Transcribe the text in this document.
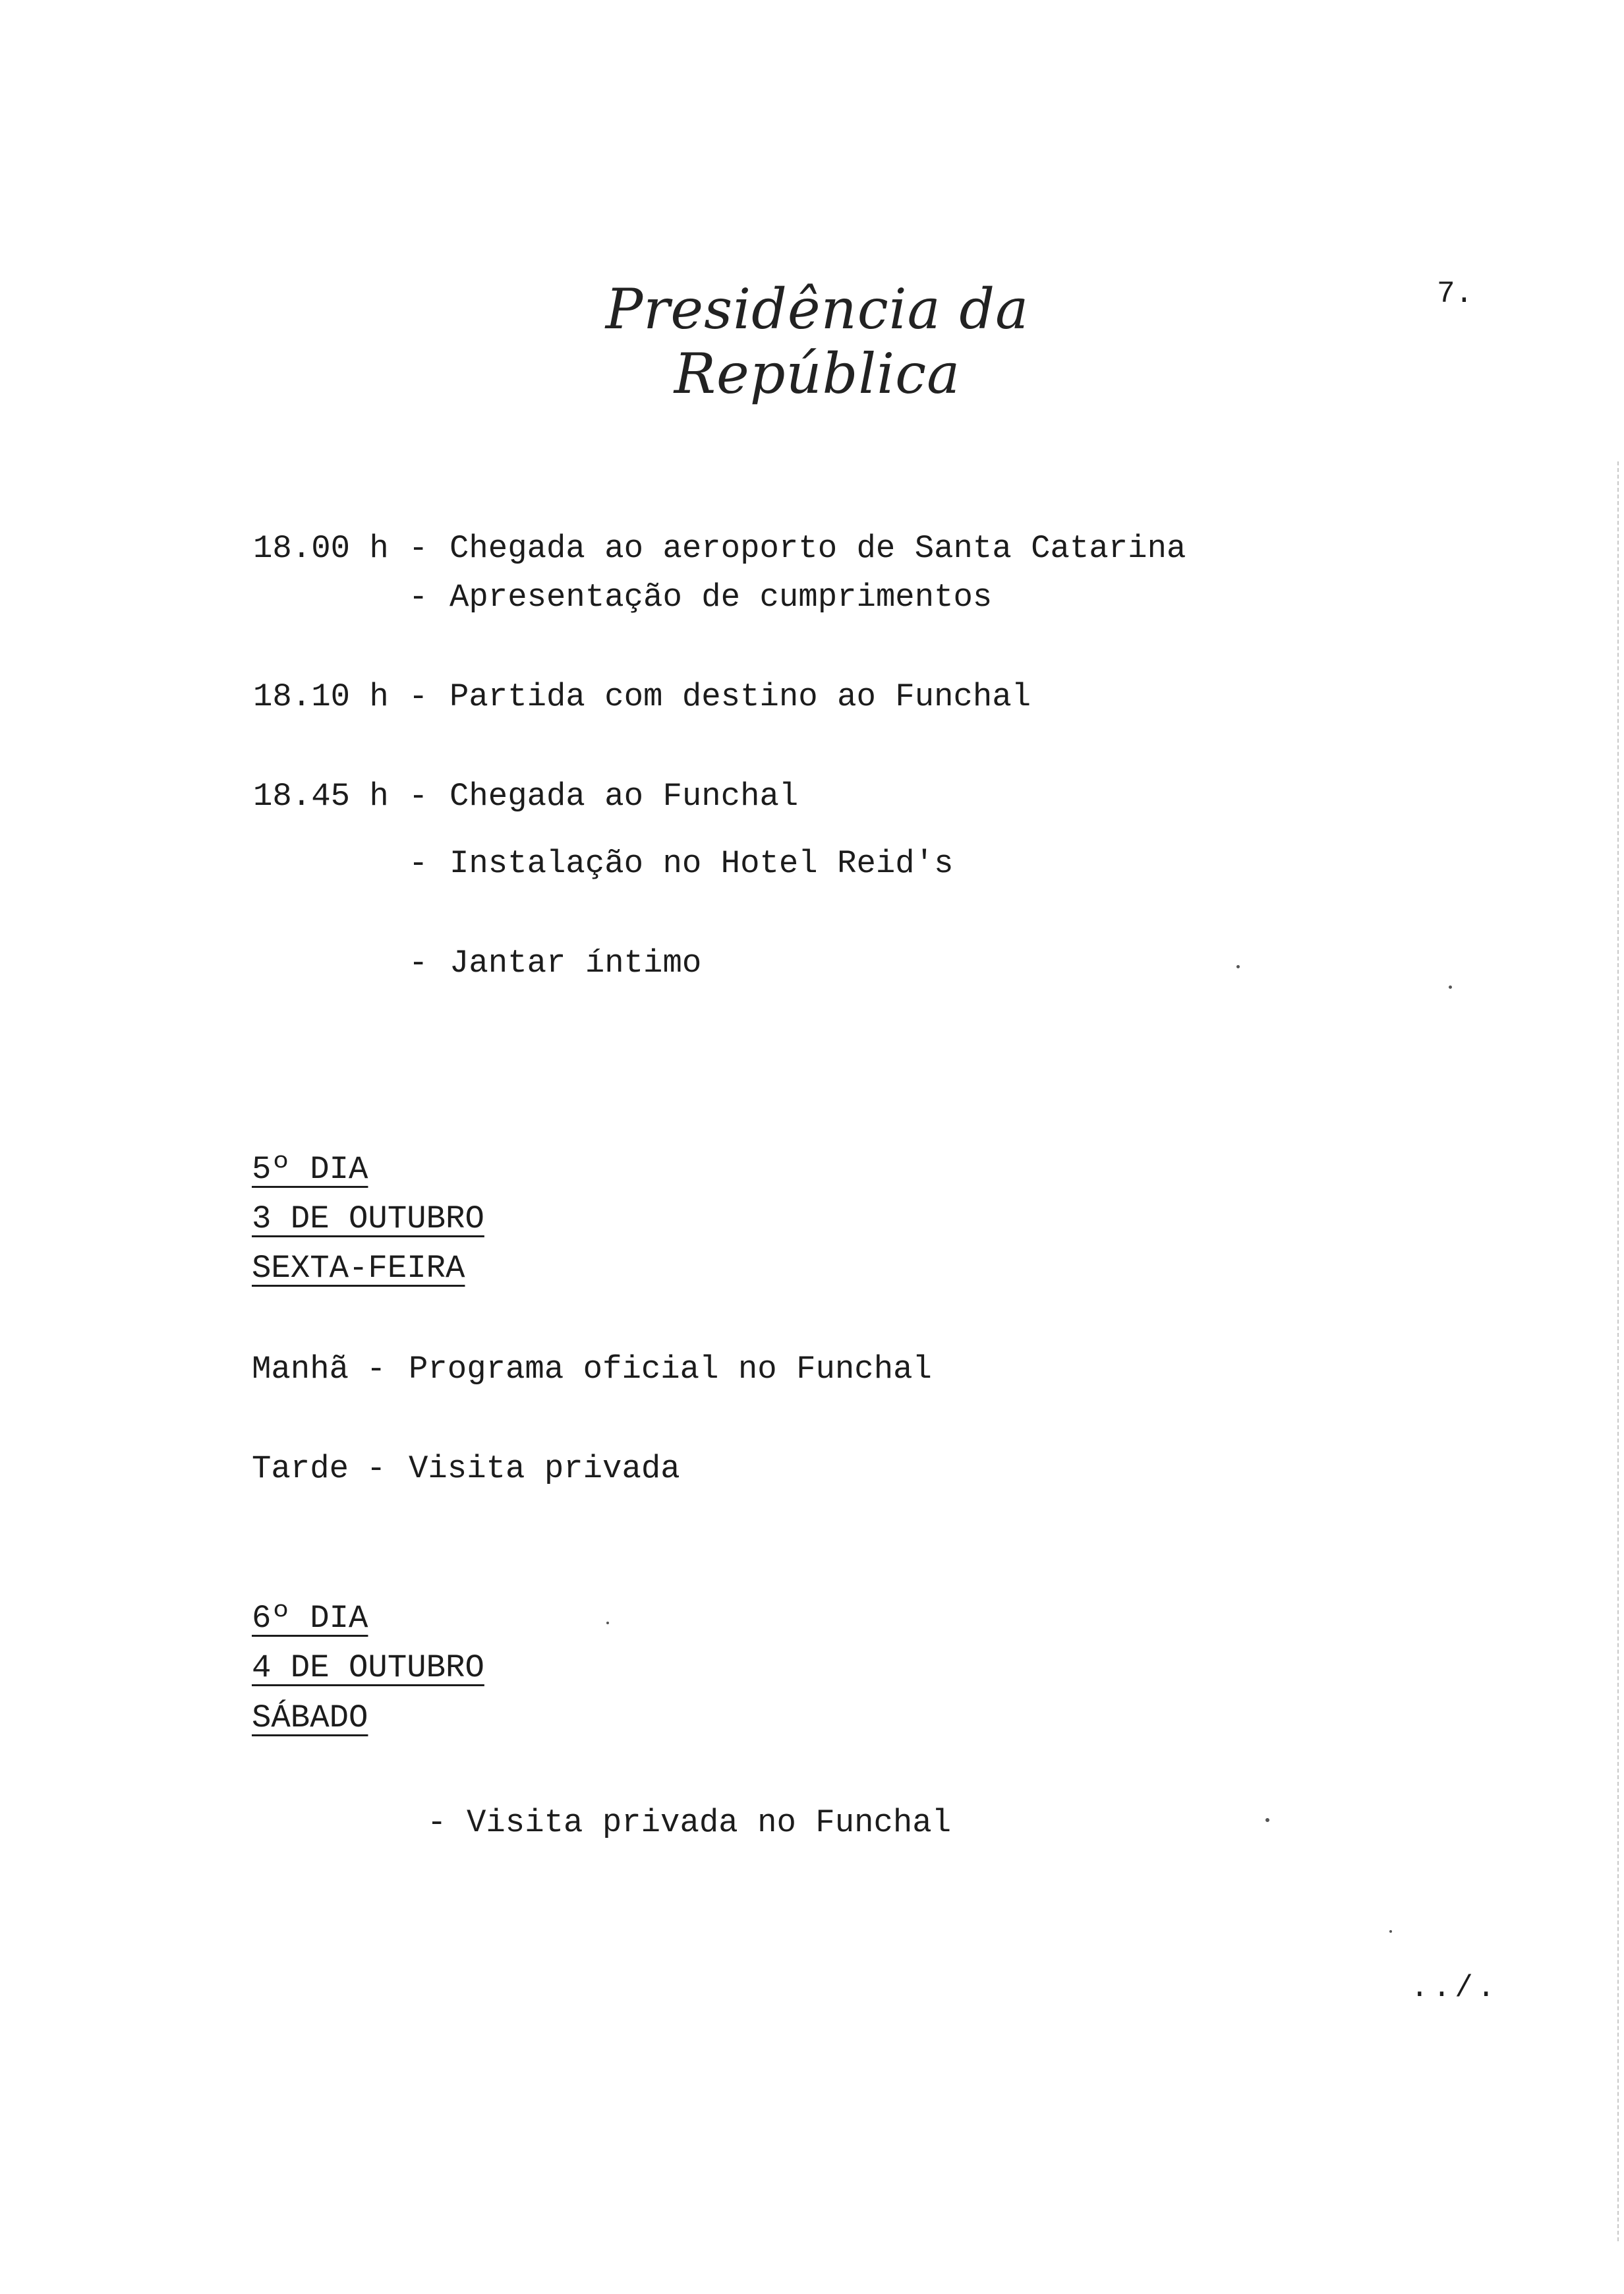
Presidência da República
7.
18.00 h - Chegada ao aeroporto de Santa Catarina
- Apresentação de cumprimentos
18.10 h - Partida com destino ao Funchal
18.45 h - Chegada ao Funchal
- Instalação no Hotel Reid's
- Jantar íntimo
5º DIA
3 DE OUTUBRO
SEXTA-FEIRA
Manhã - Programa oficial no Funchal
Tarde - Visita privada
6º DIA
4 DE OUTUBRO
SÁBADO
- Visita privada no Funchal
../.
